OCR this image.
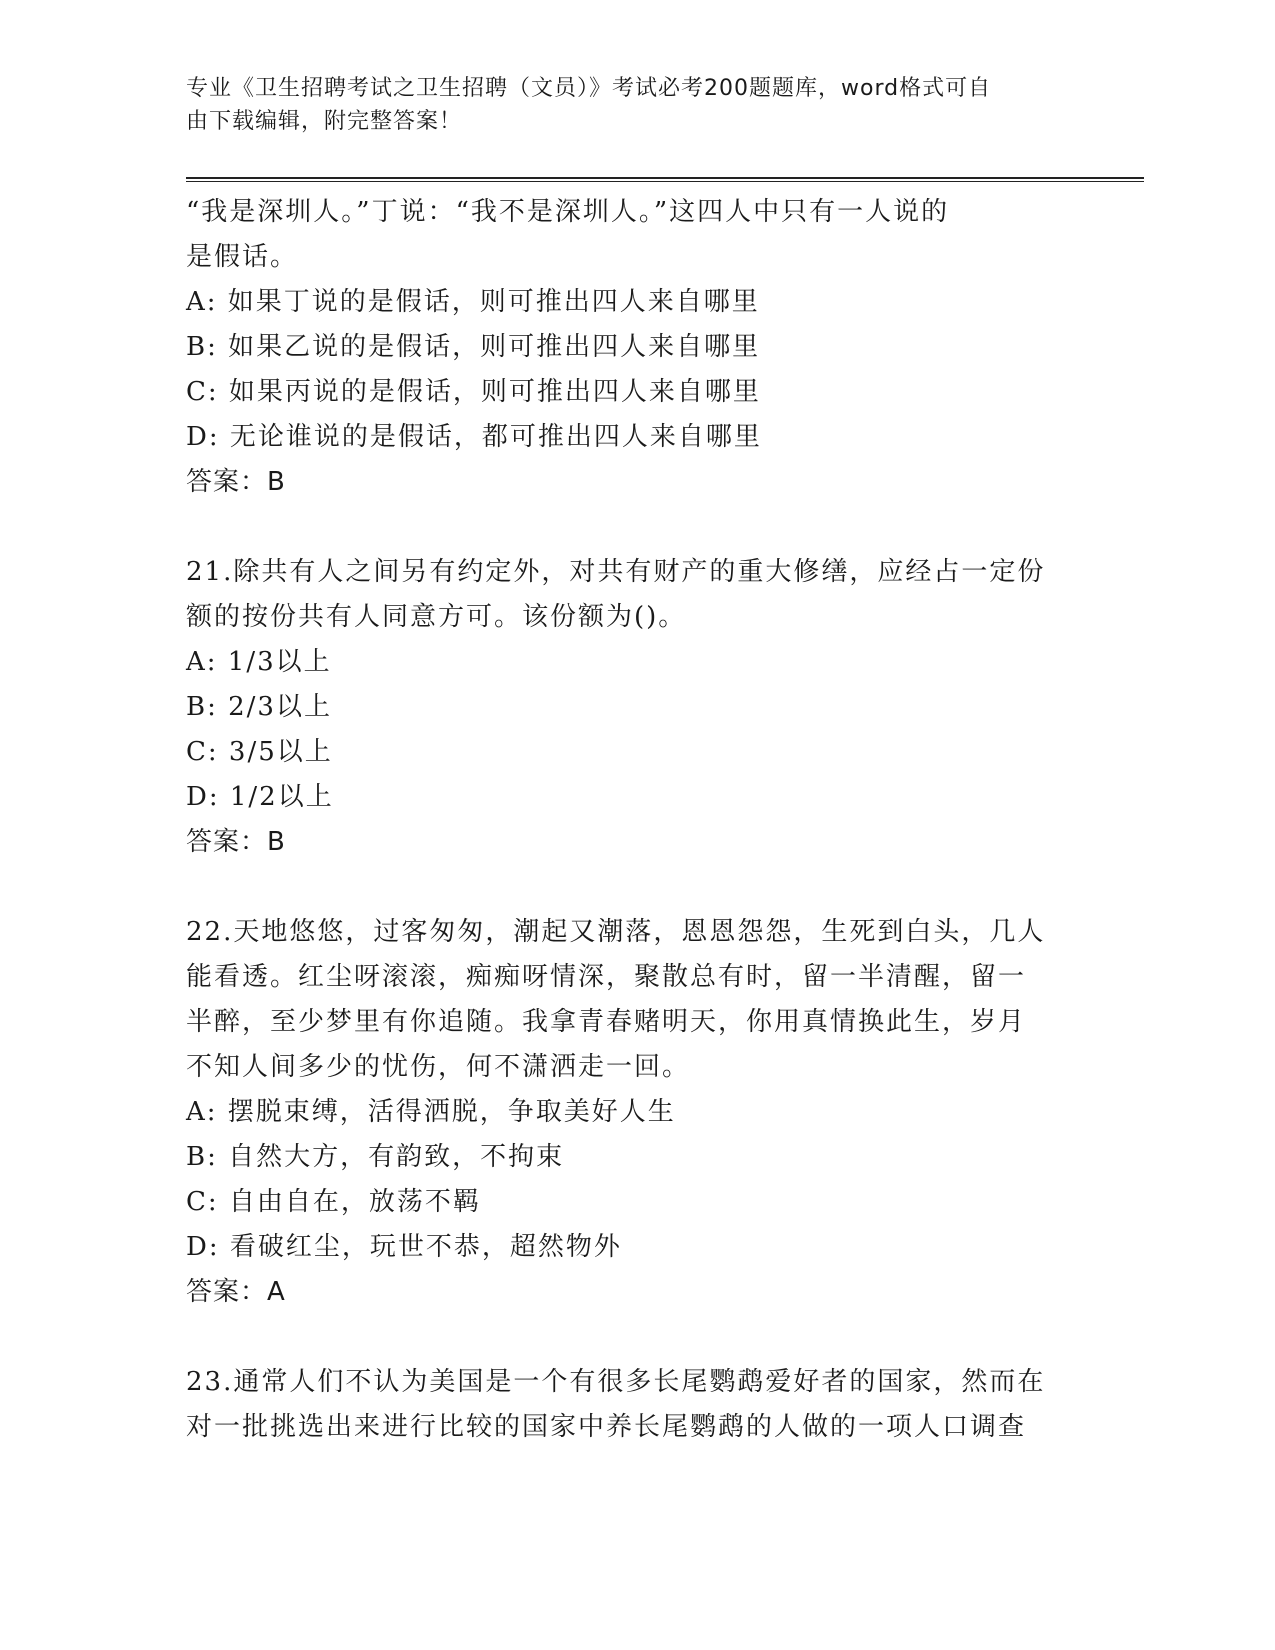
专业《卫生招聘考试之卫生招聘（文员）》考试必考200题题库，word格式可自
由下载编辑，附完整答案！
“我是深圳人。”丁说：“我不是深圳人。”这四人中只有一人说的
是假话。
A: 如果丁说的是假话，则可推出四人来自哪里
B: 如果乙说的是假话，则可推出四人来自哪里
C: 如果丙说的是假话，则可推出四人来自哪里
D: 无论谁说的是假话，都可推出四人来自哪里
答案：B
21.除共有人之间另有约定外，对共有财产的重大修缮，应经占一定份
额的按份共有人同意方可。该份额为()。
A: 1/3以上
B: 2/3以上
C: 3/5以上
D: 1/2以上
答案：B
22.天地悠悠，过客匆匆，潮起又潮落，恩恩怨怨，生死到白头，几人
能看透。红尘呀滚滚，痴痴呀情深，聚散总有时，留一半清醒，留一
半醉，至少梦里有你追随。我拿青春赌明天，你用真情换此生，岁月
不知人间多少的忧伤，何不潇洒走一回。
A: 摆脱束缚，活得洒脱，争取美好人生
B: 自然大方，有韵致，不拘束
C: 自由自在，放荡不羁
D: 看破红尘，玩世不恭，超然物外
答案：A
23.通常人们不认为美国是一个有很多长尾鹦鹉爱好者的国家，然而在
对一批挑选出来进行比较的国家中养长尾鹦鹉的人做的一项人口调查
